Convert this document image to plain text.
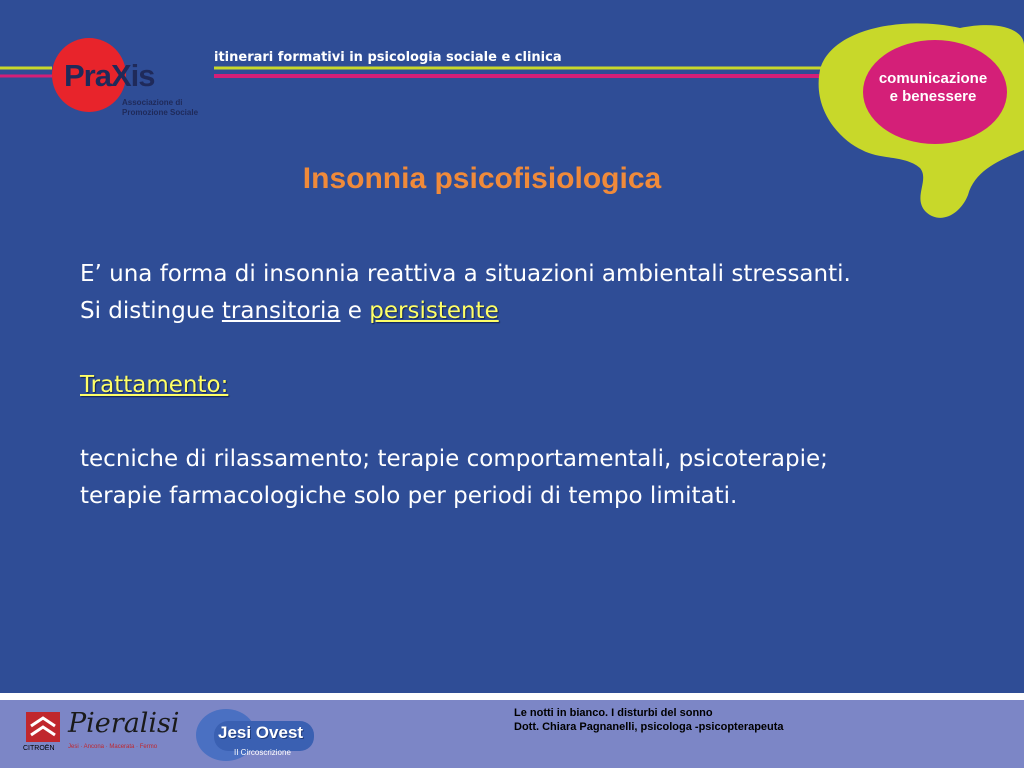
PraXis
Associazione di
Promozione Sociale
itinerari formativi in psicologia sociale e clinica
comunicazione
e benessere
Insonnia psicofisiologica
E’ una forma di insonnia reattiva a situazioni ambientali stressanti.
Si distingue transitoria e persistente
Trattamento:
tecniche di rilassamento; terapie comportamentali, psicoterapie; terapie farmacologiche solo per periodi di tempo limitati.
CITROËN
Pieralisi
Jesi · Ancona · Macerata · Fermo
Jesi Ovest
II Circoscrizione
Le notti in bianco. I disturbi del sonno
Dott. Chiara Pagnanelli, psicologa -psicopterapeuta
